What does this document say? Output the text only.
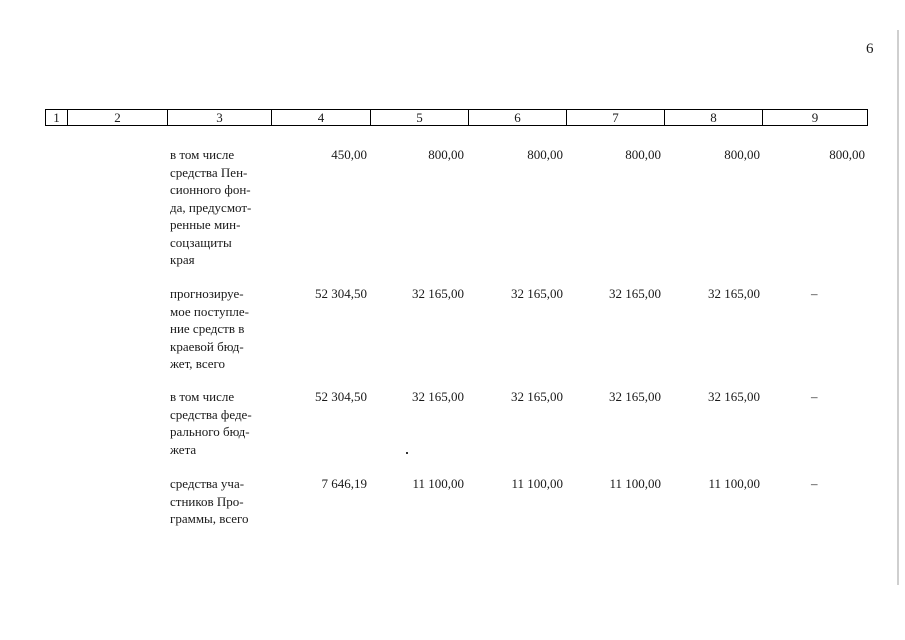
6
1	2	3	4	5	6	7	8	9
в том числе
средства Пен-
сионного фон-
да, предусмот-
ренные мин-
соцзащиты
края
450,00	800,00	800,00	800,00	800,00	800,00
прогнозируе-
мое поступле-
ние средств в
краевой бюд-
жет, всего
52 304,50	32 165,00	32 165,00	32 165,00	32 165,00	–
в том числе
средства феде-
рального бюд-
жета
52 304,50	32 165,00	32 165,00	32 165,00	32 165,00	–
средства уча-
стников Про-
граммы, всего
7 646,19	11 100,00	11 100,00	11 100,00	11 100,00	–
